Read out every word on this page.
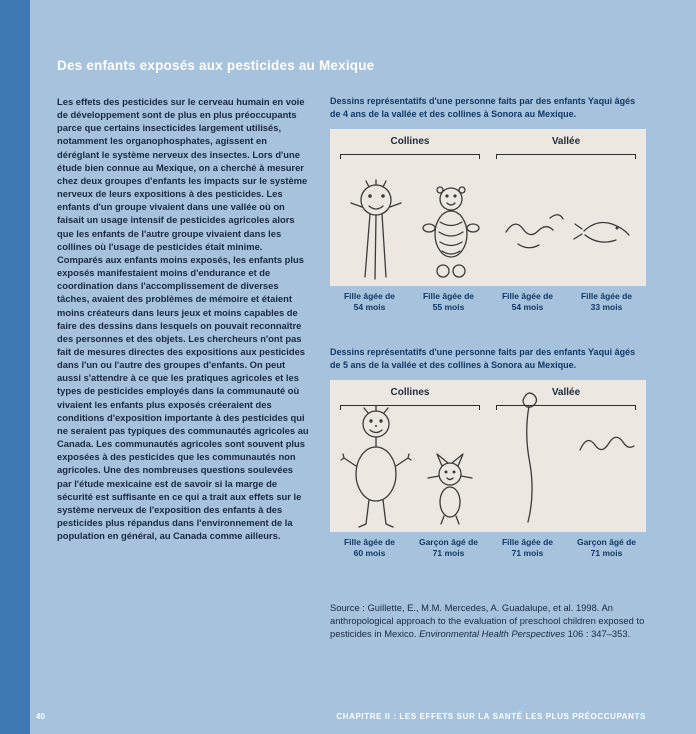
Des enfants exposés aux pesticides au Mexique
Les effets des pesticides sur le cerveau humain en voie de développement sont de plus en plus préoccupants parce que certains insecticides largement utilisés, notamment les organophosphates, agissent en déréglant le système nerveux des insectes. Lors d'une étude bien connue au Mexique, on a cherché à mesurer chez deux groupes d'enfants les impacts sur le système nerveux de leurs expositions à des pesticides. Les enfants d'un groupe vivaient dans une vallée où on faisait un usage intensif de pesticides agricoles alors que les enfants de l'autre groupe vivaient dans les collines où l'usage de pesticides était minime. Comparés aux enfants moins exposés, les enfants plus exposés manifestaient moins d'endurance et de coordination dans l'accomplissement de diverses tâches, avaient des problèmes de mémoire et étaient moins créateurs dans leurs jeux et moins capables de faire des dessins dans lesquels on pouvait reconnaître des personnes et des objets. Les chercheurs n'ont pas fait de mesures directes des expositions aux pesticides dans l'un ou l'autre des groupes d'enfants. On peut aussi s'attendre à ce que les pratiques agricoles et les types de pesticides employés dans la communauté où vivaient les enfants plus exposés créeraient des conditions d'exposition importante à des pesticides qui ne seraient pas typiques des communautés agricoles au Canada. Les communautés agricoles sont souvent plus exposées à des pesticides que les communautés non agricoles. Une des nombreuses questions soulevées par l'étude mexicaine est de savoir si la marge de sécurité est suffisante en ce qui a trait aux effets sur le système nerveux de l'exposition des enfants à des pesticides plus répandus dans l'environnement de la population en général, au Canada comme ailleurs.
Dessins représentatifs d'une personne faits par des enfants Yaqui âgés de 4 ans de la vallée et des collines à Sonora au Mexique.
Collines	Vallée
Fille âgée de
54 mois
Fille âgée de
55 mois
Fille âgée de
54 mois
Fille âgée de
33 mois
Dessins représentatifs d'une personne faits par des enfants Yaqui âgés de 5 ans de la vallée et des collines à Sonora au Mexique.
Collines	Vallée
Fille âgée de
60 mois
Garçon âgé de
71 mois
Fille âgée de
71 mois
Garçon âgé de
71 mois
Source : Guillette, E., M.M. Mercedes, A. Guadalupe, et al. 1998. An anthropological approach to the evaluation of preschool children exposed to pesticides in Mexico. Environmental Health Perspectives 106 : 347–353.
40	CHAPITRE II : LES EFFETS SUR LA SANTÉ LES PLUS PRÉOCCUPANTS
